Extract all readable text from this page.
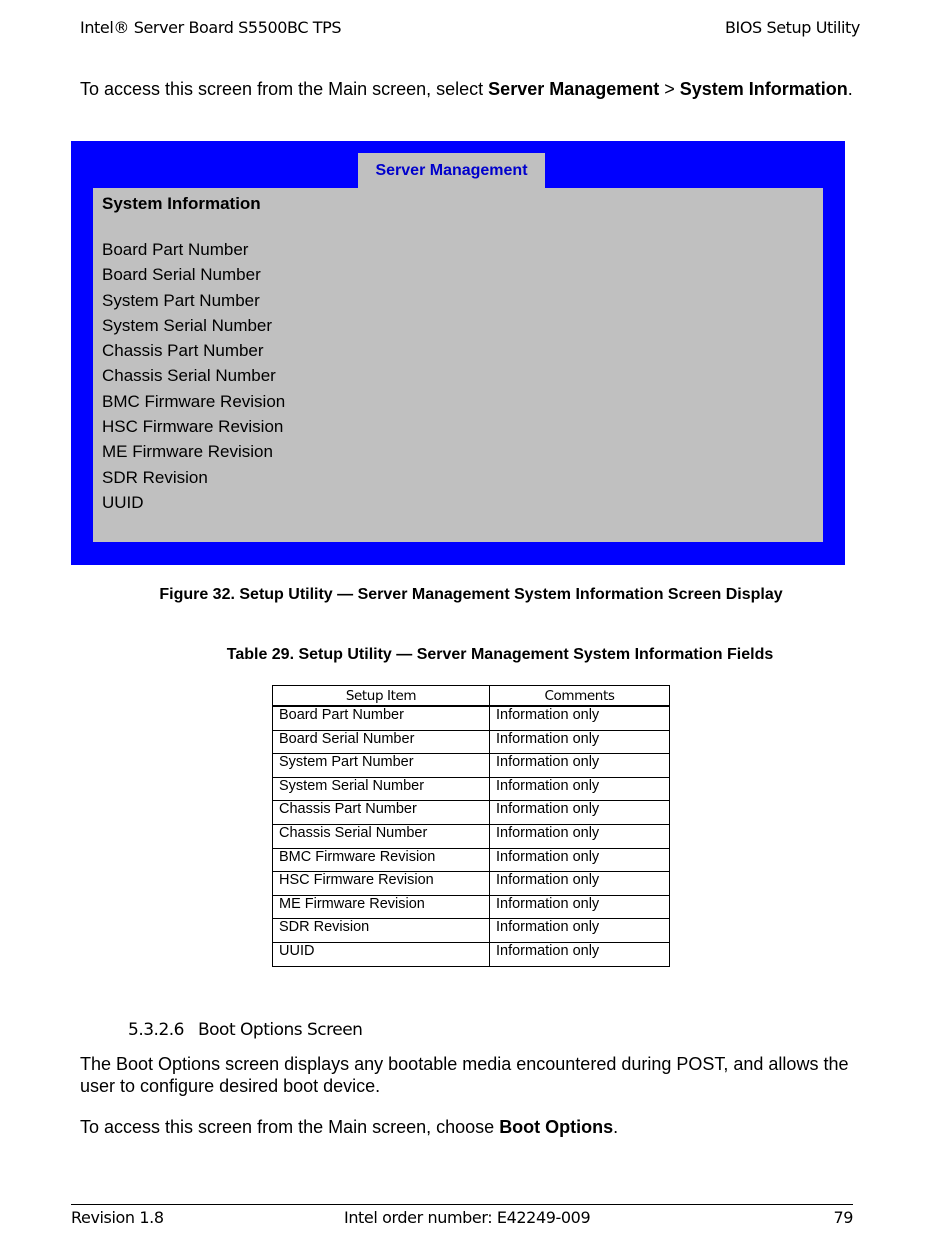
Intel® Server Board S5500BC TPS	BIOS Setup Utility

To access this screen from the Main screen, select Server Management > System Information.

Server Management
System Information
Board Part Number
Board Serial Number
System Part Number
System Serial Number
Chassis Part Number
Chassis Serial Number
BMC Firmware Revision
HSC Firmware Revision
ME Firmware Revision
SDR Revision
UUID

Figure 32. Setup Utility — Server Management System Information Screen Display

Table 29. Setup Utility — Server Management System Information Fields

Setup Item	Comments
Board Part Number	Information only
Board Serial Number	Information only
System Part Number	Information only
System Serial Number	Information only
Chassis Part Number	Information only
Chassis Serial Number	Information only
BMC Firmware Revision	Information only
HSC Firmware Revision	Information only
ME Firmware Revision	Information only
SDR Revision	Information only
UUID	Information only
5.3.2.6 Boot Options Screen

The Boot Options screen displays any bootable media encountered during POST, and allows the user to configure desired boot device.

To access this screen from the Main screen, choose Boot Options.

Revision 1.8	Intel order number: E42249-009	79
